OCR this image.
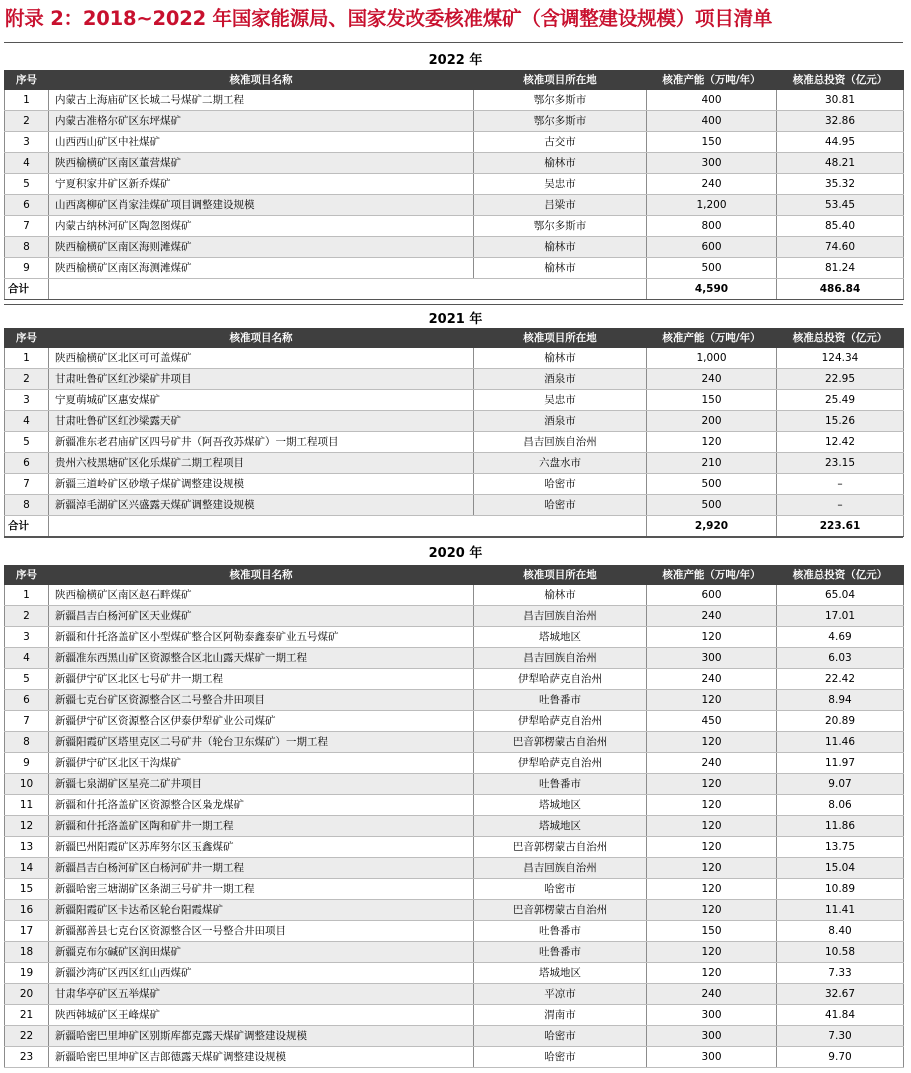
附录 2：2018~2022 年国家能源局、国家发改委核准煤矿（含调整建设规模）项目清单
2022 年
序号	核准项目名称	核准项目所在地	核准产能（万吨/年）	核准总投资（亿元）
1	内蒙古上海庙矿区长城二号煤矿二期工程	鄂尔多斯市	400	30.81
2	内蒙古准格尔矿区东坪煤矿	鄂尔多斯市	400	32.86
3	山西西山矿区中社煤矿	古交市	150	44.95
4	陕西榆横矿区南区董营煤矿	榆林市	300	48.21
5	宁夏积家井矿区新乔煤矿	吴忠市	240	35.32
6	山西离柳矿区肖家洼煤矿项目调整建设规模	吕梁市	1,200	53.45
7	内蒙古纳林河矿区陶忽图煤矿	鄂尔多斯市	800	85.40
8	陕西榆横矿区南区海则滩煤矿	榆林市	600	74.60
9	陕西榆横矿区南区海测滩煤矿	榆林市	500	81.24
合计			4,590	486.84
2021 年
序号	核准项目名称	核准项目所在地	核准产能（万吨/年）	核准总投资（亿元）
1	陕西榆横矿区北区可可盖煤矿	榆林市	1,000	124.34
2	甘肃吐鲁矿区红沙梁矿井项目	酒泉市	240	22.95
3	宁夏萌城矿区惠安煤矿	吴忠市	150	25.49
4	甘肃吐鲁矿区红沙梁露天矿	酒泉市	200	15.26
5	新疆准东老君庙矿区四号矿井（阿吾孜苏煤矿）一期工程项目	昌吉回族自治州	120	12.42
6	贵州六枝黑塘矿区化乐煤矿二期工程项目	六盘水市	210	23.15
7	新疆三道岭矿区砂墩子煤矿调整建设规模	哈密市	500	–
8	新疆淖毛湖矿区兴盛露天煤矿调整建设规模	哈密市	500	–
合计			2,920	223.61
2020 年
序号	核准项目名称	核准项目所在地	核准产能（万吨/年）	核准总投资（亿元）
1	陕西榆横矿区南区赵石畔煤矿	榆林市	600	65.04
2	新疆昌吉白杨河矿区天业煤矿	昌吉回族自治州	240	17.01
3	新疆和什托洛盖矿区小型煤矿整合区阿勒泰鑫泰矿业五号煤矿	塔城地区	120	4.69
4	新疆准东西黑山矿区资源整合区北山露天煤矿一期工程	昌吉回族自治州	300	6.03
5	新疆伊宁矿区北区七号矿井一期工程	伊犁哈萨克自治州	240	22.42
6	新疆七克台矿区资源整合区二号整合井田项目	吐鲁番市	120	8.94
7	新疆伊宁矿区资源整合区伊泰伊犁矿业公司煤矿	伊犁哈萨克自治州	450	20.89
8	新疆阳霞矿区塔里克区二号矿井（轮台卫东煤矿）一期工程	巴音郭楞蒙古自治州	120	11.46
9	新疆伊宁矿区北区干沟煤矿	伊犁哈萨克自治州	240	11.97
10	新疆七泉湖矿区星亮二矿井项目	吐鲁番市	120	9.07
11	新疆和什托洛盖矿区资源整合区枭龙煤矿	塔城地区	120	8.06
12	新疆和什托洛盖矿区陶和矿井一期工程	塔城地区	120	11.86
13	新疆巴州阳霞矿区苏库努尔区玉鑫煤矿	巴音郭楞蒙古自治州	120	13.75
14	新疆昌吉白杨河矿区白杨河矿井一期工程	昌吉回族自治州	120	15.04
15	新疆哈密三塘湖矿区条湖三号矿井一期工程	哈密市	120	10.89
16	新疆阳霞矿区卡达希区轮台阳霞煤矿	巴音郭楞蒙古自治州	120	11.41
17	新疆鄯善县七克台区资源整合区一号整合井田项目	吐鲁番市	150	8.40
18	新疆克布尔碱矿区润田煤矿	吐鲁番市	120	10.58
19	新疆沙湾矿区西区红山西煤矿	塔城地区	120	7.33
20	甘肃华亭矿区五举煤矿	平凉市	240	32.67
21	陕西韩城矿区王峰煤矿	渭南市	300	41.84
22	新疆哈密巴里坤矿区别斯库都克露天煤矿调整建设规模	哈密市	300	7.30
23	新疆哈密巴里坤矿区吉郎德露天煤矿调整建设规模	哈密市	300	9.70
